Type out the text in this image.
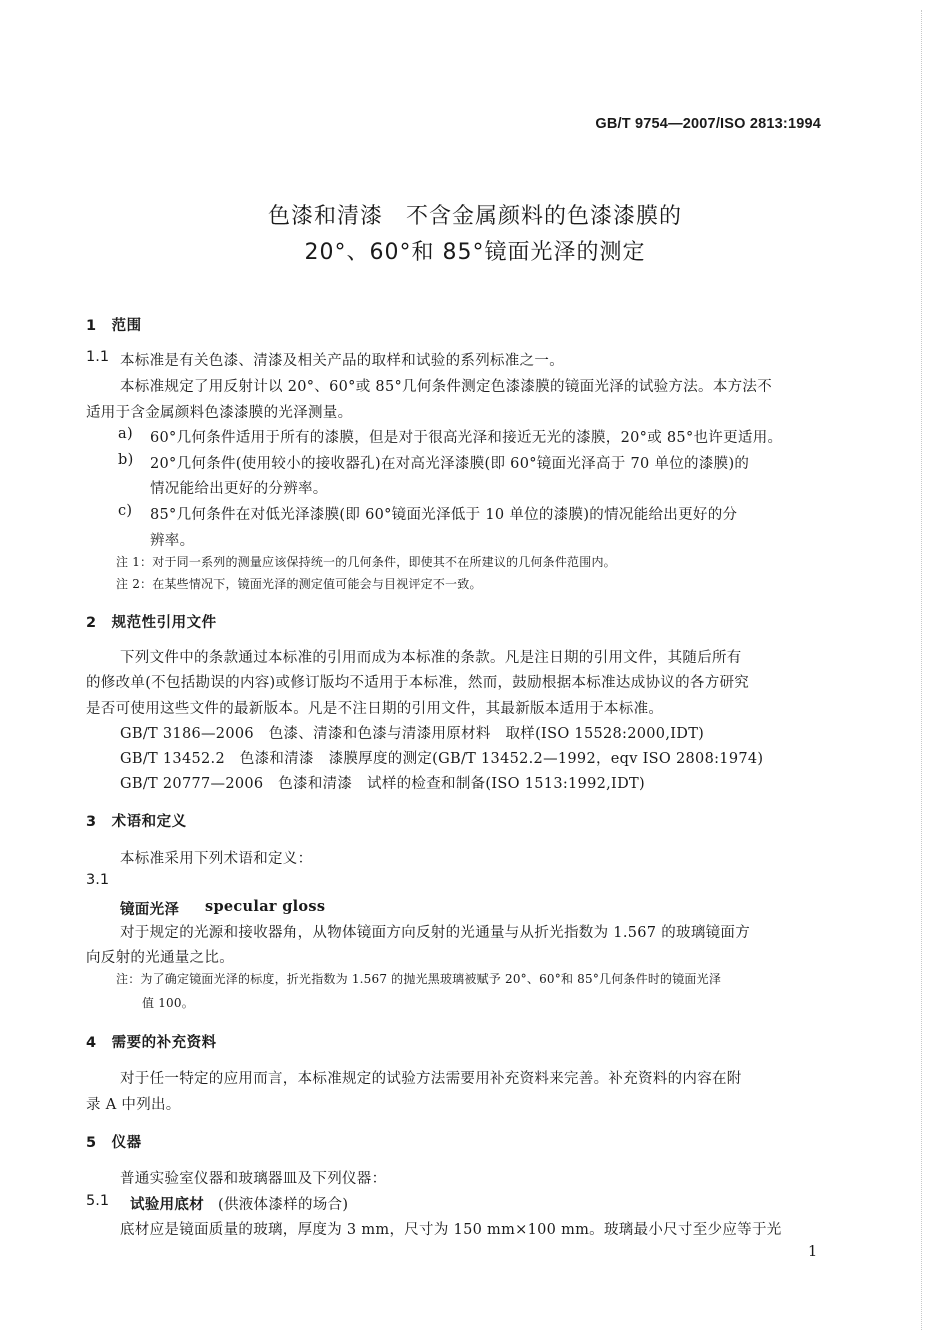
GB/T 9754—2007/ISO 2813:1994
色漆和清漆　不含金属颜料的色漆漆膜的
20°、60°和 85°镜面光泽的测定
1　范围
1.1 本标准是有关色漆、清漆及相关产品的取样和试验的系列标准之一。
本标准规定了用反射计以 20°、60°或 85°几何条件测定色漆漆膜的镜面光泽的试验方法。本方法不
适用于含金属颜料色漆漆膜的光泽测量。
a) 60°几何条件适用于所有的漆膜，但是对于很高光泽和接近无光的漆膜，20°或 85°也许更适用。
b) 20°几何条件(使用较小的接收器孔)在对高光泽漆膜(即 60°镜面光泽高于 70 单位的漆膜)的
情况能给出更好的分辨率。
c) 85°几何条件在对低光泽漆膜(即 60°镜面光泽低于 10 单位的漆膜)的情况能给出更好的分
辨率。
注 1：对于同一系列的测量应该保持统一的几何条件，即使其不在所建议的几何条件范围内。
注 2：在某些情况下，镜面光泽的测定值可能会与目视评定不一致。
2　规范性引用文件
下列文件中的条款通过本标准的引用而成为本标准的条款。凡是注日期的引用文件，其随后所有
的修改单(不包括勘误的内容)或修订版均不适用于本标准，然而，鼓励根据本标准达成协议的各方研究
是否可使用这些文件的最新版本。凡是不注日期的引用文件，其最新版本适用于本标准。
GB/T 3186—2006　色漆、清漆和色漆与清漆用原材料　取样(ISO 15528:2000,IDT)
GB/T 13452.2　色漆和清漆　漆膜厚度的测定(GB/T 13452.2—1992，eqv ISO 2808:1974)
GB/T 20777—2006　色漆和清漆　试样的检查和制备(ISO 1513:1992,IDT)
3　术语和定义
本标准采用下列术语和定义：
3.1
镜面光泽 specular gloss
对于规定的光源和接收器角，从物体镜面方向反射的光通量与从折光指数为 1.567 的玻璃镜面方
向反射的光通量之比。
注：为了确定镜面光泽的标度，折光指数为 1.567 的抛光黑玻璃被赋予 20°、60°和 85°几何条件时的镜面光泽
值 100。
4　需要的补充资料
对于任一特定的应用而言，本标准规定的试验方法需要用补充资料来完善。补充资料的内容在附
录 A 中列出。
5　仪器
普通实验室仪器和玻璃器皿及下列仪器：
5.1 试验用底材 (供液体漆样的场合)
底材应是镜面质量的玻璃，厚度为 3 mm，尺寸为 150 mm×100 mm。玻璃最小尺寸至少应等于光
1
